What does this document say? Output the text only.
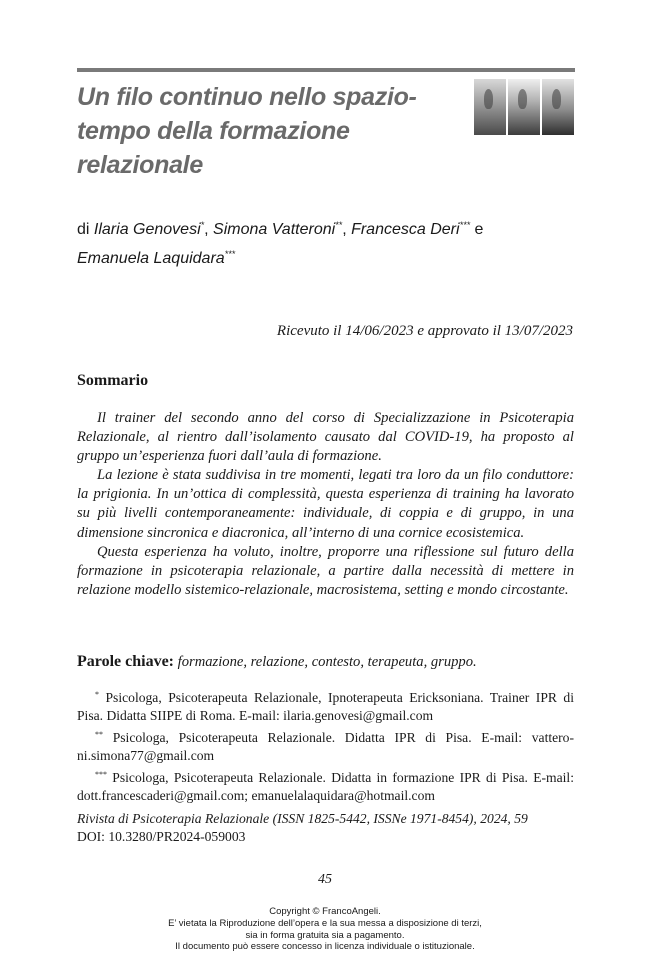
Un filo continuo nello spazio-tempo della formazione relazionale
di Ilaria Genovesi*, Simona Vatteroni**, Francesca Deri*** e
Emanuela Laquidara***
Ricevuto il 14/06/2023 e approvato il 13/07/2023
Sommario

Il trainer del secondo anno del corso di Specializzazione in Psicoterapia Relazionale, al rientro dall’isolamento causato dal COVID-19, ha proposto al gruppo un’esperienza fuori dall’aula di formazione.

La lezione è stata suddivisa in tre momenti, legati tra loro da un filo conduttore: la prigionia. In un’ottica di complessità, questa esperienza di training ha lavorato su più livelli contemporaneamente: individuale, di coppia e di gruppo, in una dimensione sincronica e diacronica, all’interno di una cornice ecosistemica.

Questa esperienza ha voluto, inoltre, proporre una riflessione sul futuro della formazione in psicoterapia relazionale, a partire dalla necessità di mettere in relazione modello sistemico-relazionale, macrosistema, setting e mondo circostante.

Parole chiave: formazione, relazione, contesto, terapeuta, gruppo.

* Psicologa, Psicoterapeuta Relazionale, Ipnoterapeuta Ericksoniana. Trainer IPR di Pisa. Didatta SIIPE di Roma. E-mail: ilaria.genovesi@gmail.com

** Psicologa, Psicoterapeuta Relazionale. Didatta IPR di Pisa. E-mail: vattero-ni.simona77@gmail.com

*** Psicologa, Psicoterapeuta Relazionale. Didatta in formazione IPR di Pisa. E-mail: dott.francescaderi@gmail.com; emanuelalaquidara@hotmail.com

Rivista di Psicoterapia Relazionale (ISSN 1825-5442, ISSNe 1971-8454), 2024, 59
DOI: 10.3280/PR2024-059003
45
Copyright © FrancoAngeli.
E’ vietata la Riproduzione dell’opera e la sua messa a disposizione di terzi,
sia in forma gratuita sia a pagamento.
Il documento può essere concesso in licenza individuale o istituzionale.
